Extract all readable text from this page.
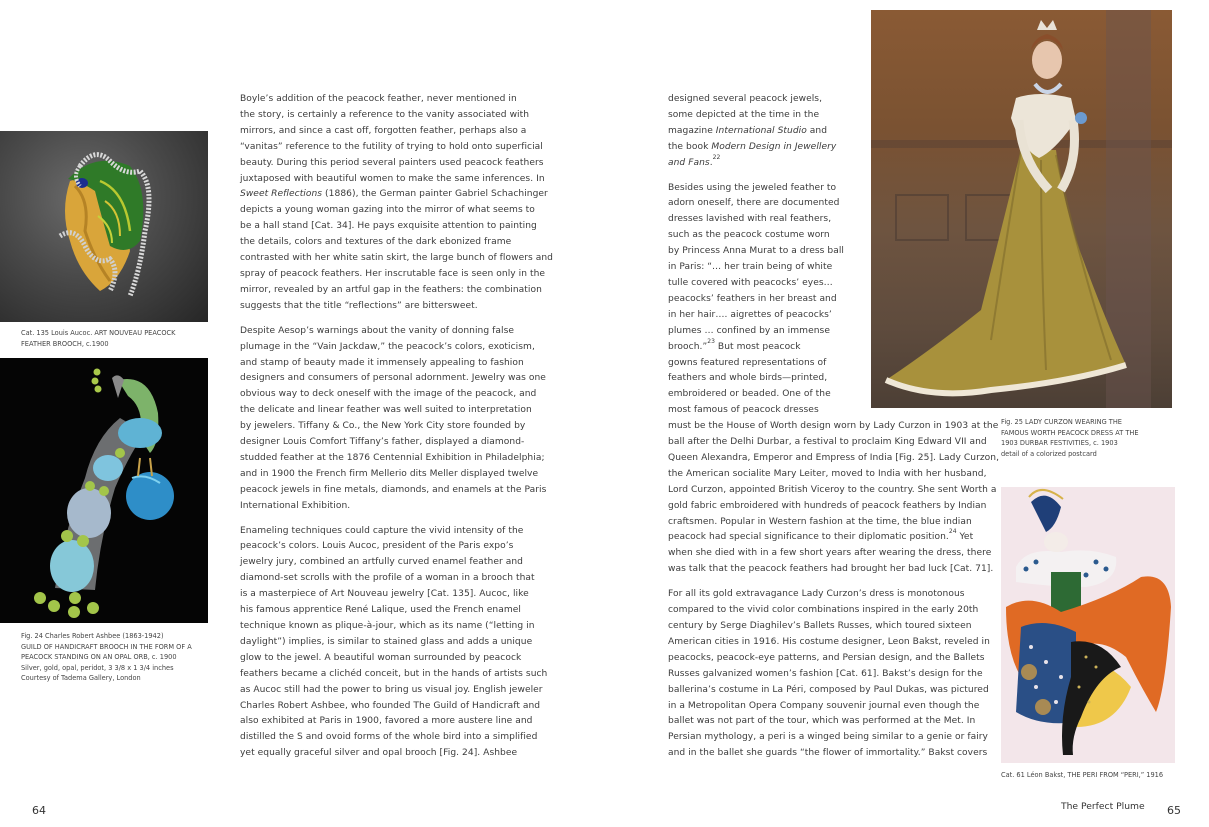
Cat. 135 Louis Aucoc. ART NOUVEAU PEACOCK
FEATHER BROOCH, c.1900
Fig. 24 Charles Robert Ashbee (1863-1942)
GUILD OF HANDICRAFT BROOCH IN THE FORM OF A
PEACOCK STANDING ON AN OPAL ORB, c. 1900
Silver, gold, opal, peridot, 3 3/8 x 1 3/4 inches
Courtesy of Tadema Gallery, London

Boyle’s addition of the peacock feather, never mentioned in
the story, is certainly a reference to the vanity associated with
mirrors, and since a cast off, forgotten feather, perhaps also a
“vanitas” reference to the futility of trying to hold onto superficial
beauty. During this period several painters used peacock feathers
juxtaposed with beautiful women to make the same inferences. In
Sweet Reflections (1886), the German painter Gabriel Schachinger
depicts a young woman gazing into the mirror of what seems to
be a hall stand [Cat. 34]. He pays exquisite attention to painting
the details, colors and textures of the dark ebonized frame
contrasted with her white satin skirt, the large bunch of flowers and
spray of peacock feathers. Her inscrutable face is seen only in the
mirror, revealed by an artful gap in the feathers: the combination
suggests that the title “reflections” are bittersweet.

Despite Aesop’s warnings about the vanity of donning false
plumage in the “Vain Jackdaw,” the peacock’s colors, exoticism,
and stamp of beauty made it immensely appealing to fashion
designers and consumers of personal adornment. Jewelry was one
obvious way to deck oneself with the image of the peacock, and
the delicate and linear feather was well suited to interpretation
by jewelers. Tiffany & Co., the New York City store founded by
designer Louis Comfort Tiffany’s father, displayed a diamond-
studded feather at the 1876 Centennial Exhibition in Philadelphia;
and in 1900 the French firm Mellerio dits Meller displayed twelve
peacock jewels in fine metals, diamonds, and enamels at the Paris
International Exhibition.

Enameling techniques could capture the vivid intensity of the
peacock’s colors. Louis Aucoc, president of the Paris expo’s
jewelry jury, combined an artfully curved enamel feather and
diamond-set scrolls with the profile of a woman in a brooch that
is a masterpiece of Art Nouveau jewelry [Cat. 135]. Aucoc, like
his famous apprentice René Lalique, used the French enamel
technique known as plique-à-jour, which as its name (“letting in
daylight”) implies, is similar to stained glass and adds a unique
glow to the jewel. A beautiful woman surrounded by peacock
feathers became a clichéd conceit, but in the hands of artists such
as Aucoc still had the power to bring us visual joy. English jeweler
Charles Robert Ashbee, who founded The Guild of Handicraft and
also exhibited at Paris in 1900, favored a more austere line and
distilled the S and ovoid forms of the whole bird into a simplified
yet equally graceful silver and opal brooch [Fig. 24]. Ashbee

64
Fig. 25 LADY CURZON WEARING THE
FAMOUS WORTH PEACOCK DRESS AT THE
1903 DURBAR FESTIVITIES, c. 1903
detail of a colorized postcard
Cat. 61 Léon Bakst, THE PERI FROM “PERI,” 1916

designed several peacock jewels,
some depicted at the time in the
magazine International Studio and
the book Modern Design in Jewellery
and Fans.$^{22}$

Besides using the jeweled feather to
adorn oneself, there are documented
dresses lavished with real feathers,
such as the peacock costume worn
by Princess Anna Murat to a dress ball
in Paris: “… her train being of white
tulle covered with peacocks’ eyes…
peacocks’ feathers in her breast and
in her hair…. aigrettes of peacocks’
plumes … confined by an immense
brooch.”$^{23}$ But most peacock
gowns featured representations of
feathers and whole birds—printed,
embroidered or beaded. One of the
most famous of peacock dresses
must be the House of Worth design worn by Lady Curzon in 1903 at the
ball after the Delhi Durbar, a festival to proclaim King Edward VII and
Queen Alexandra, Emperor and Empress of India [Fig. 25]. Lady Curzon,
the American socialite Mary Leiter, moved to India with her husband,
Lord Curzon, appointed British Viceroy to the country. She sent Worth a
gold fabric embroidered with hundreds of peacock feathers by Indian
craftsmen. Popular in Western fashion at the time, the blue indian
peacock had special significance to their diplomatic position.$^{24}$ Yet
when she died with in a few short years after wearing the dress, there
was talk that the peacock feathers had brought her bad luck [Cat. 71].

For all its gold extravagance Lady Curzon’s dress is monotonous
compared to the vivid color combinations inspired in the early 20th
century by Serge Diaghilev’s Ballets Russes, which toured sixteen
American cities in 1916. His costume designer, Leon Bakst, reveled in
peacocks, peacock-eye patterns, and Persian design, and the Ballets
Russes galvanized women’s fashion [Cat. 61]. Bakst’s design for the
ballerina’s costume in La Péri, composed by Paul Dukas, was pictured
in a Metropolitan Opera Company souvenir journal even though the
ballet was not part of the tour, which was performed at the Met. In
Persian mythology, a peri is a winged being similar to a genie or fairy
and in the ballet she guards “the flower of immortality.” Bakst covers

The Perfect Plume 65
